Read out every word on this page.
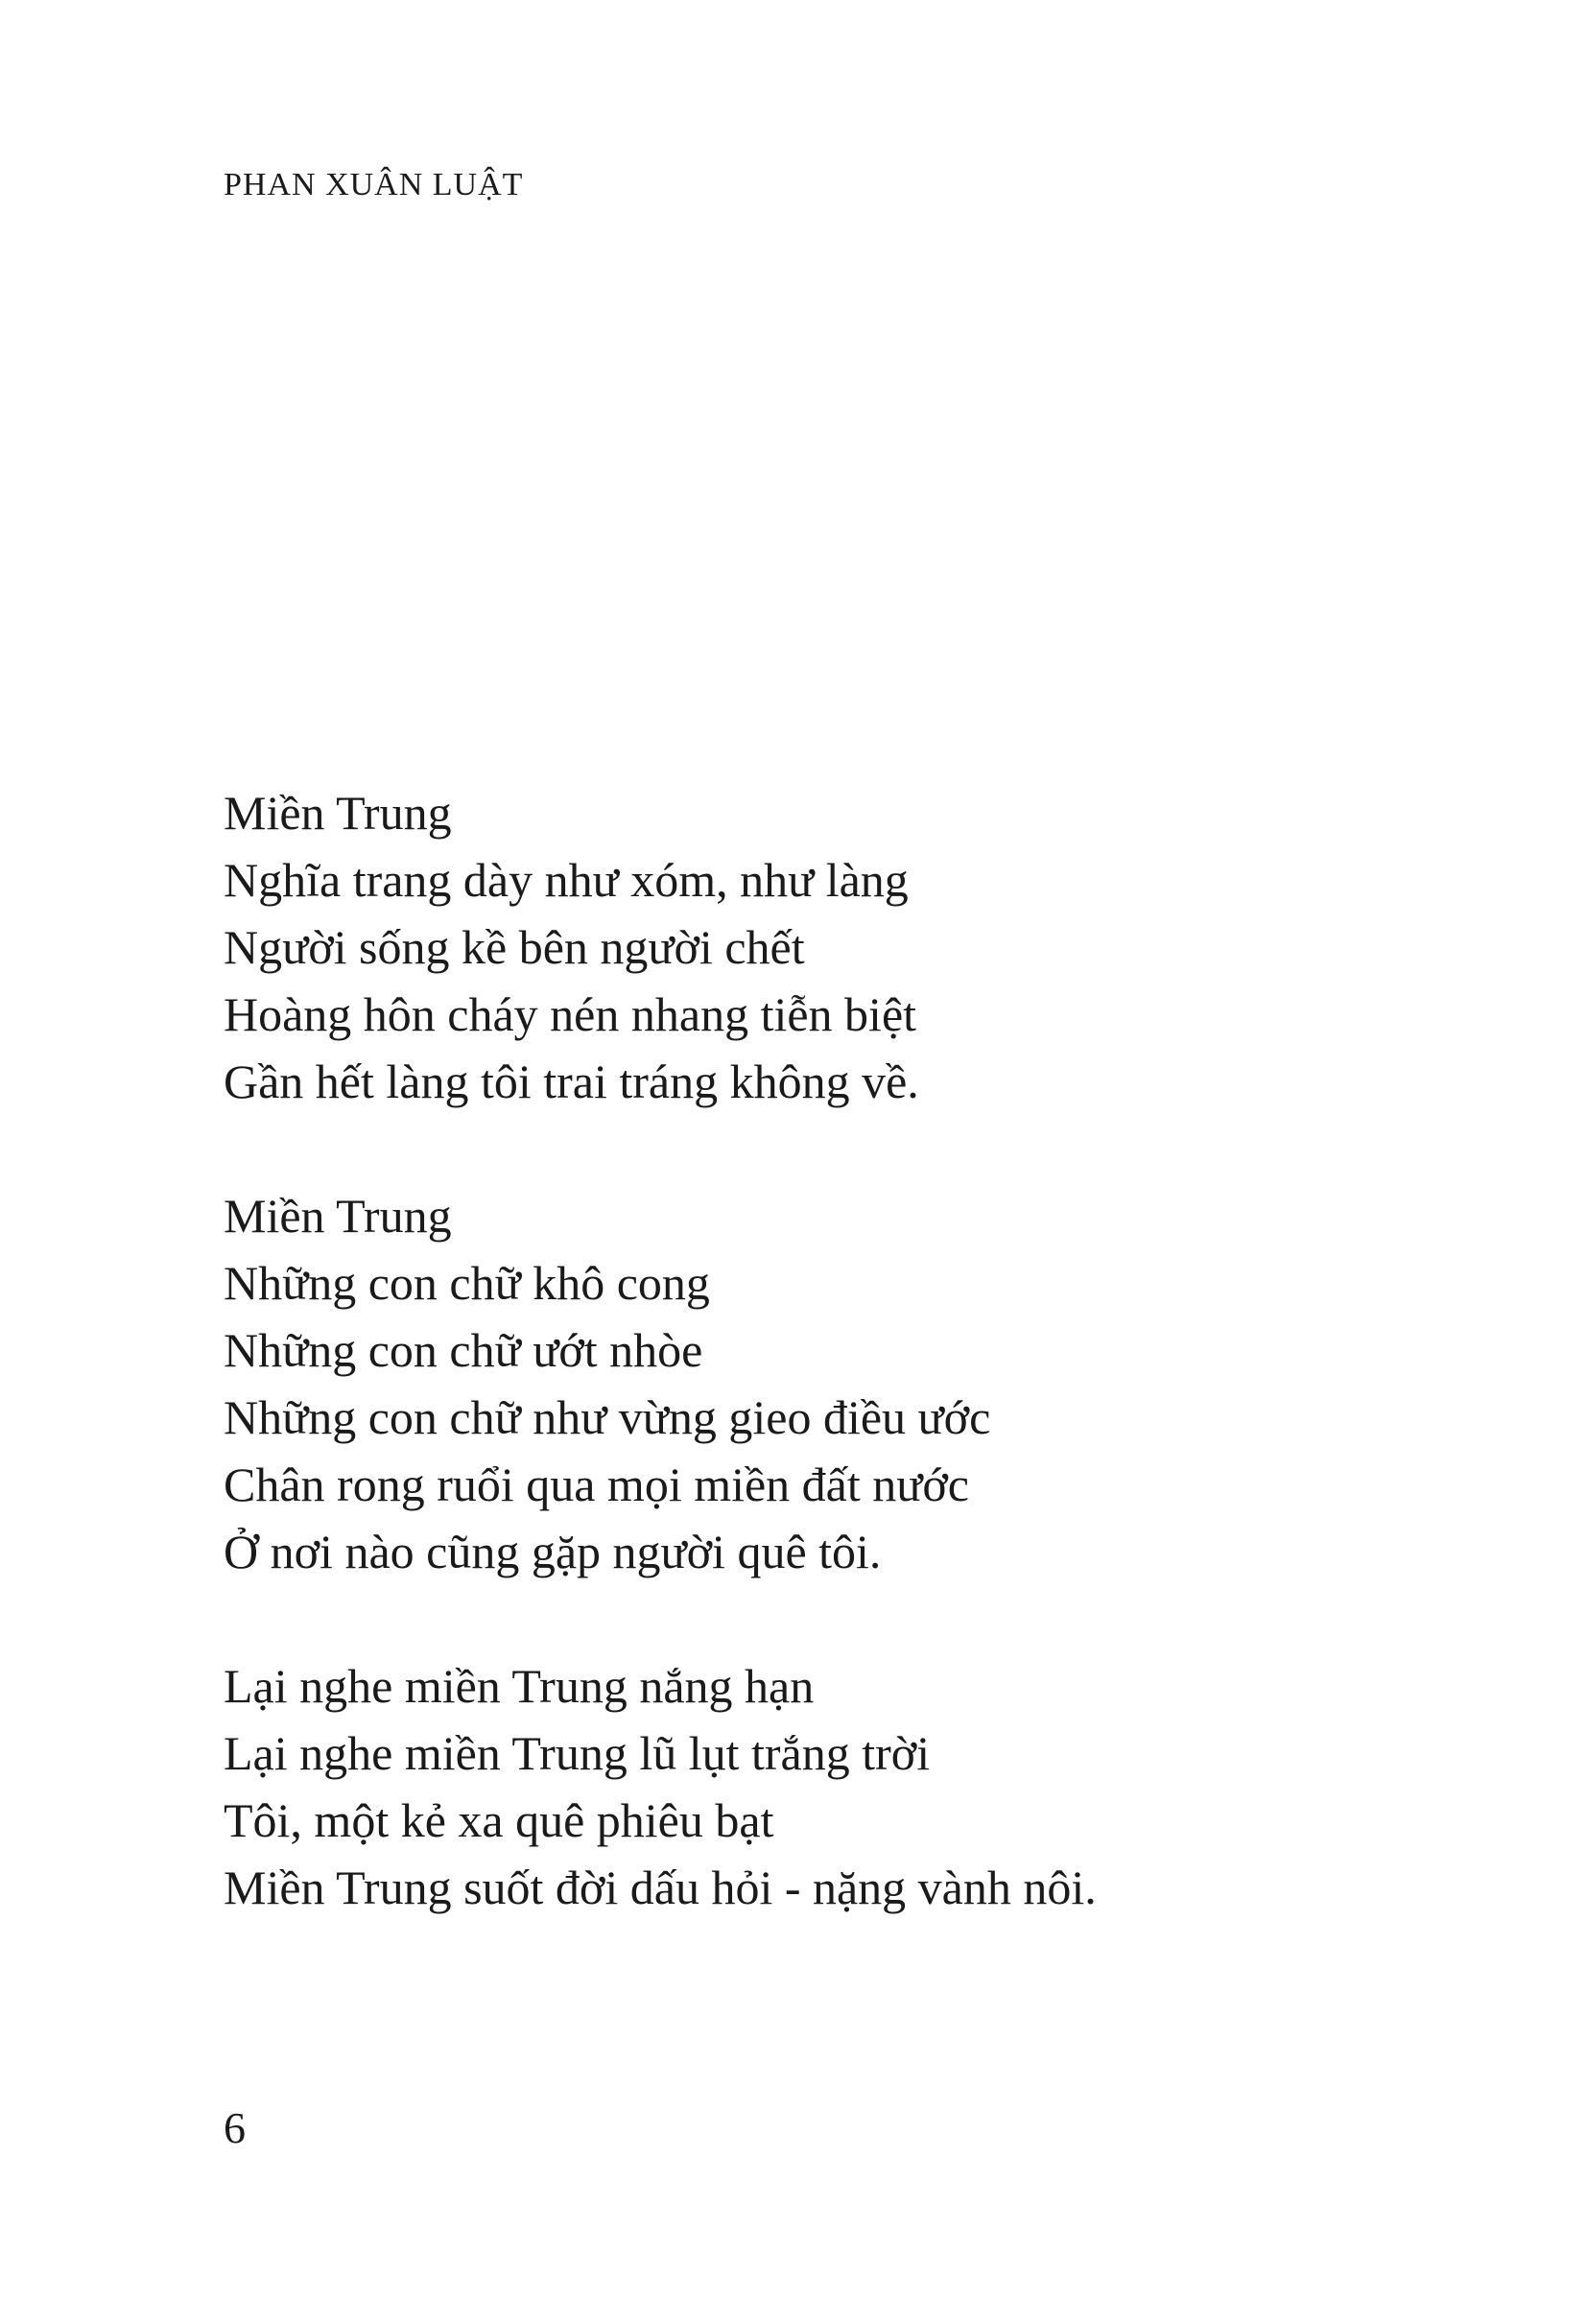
PHAN XUÂN LUẬT
Miền Trung
Nghĩa trang dày như xóm, như làng
Người sống kề bên người chết
Hoàng hôn cháy nén nhang tiễn biệt
Gần hết làng tôi trai tráng không về.
Miền Trung
Những con chữ khô cong
Những con chữ ướt nhòe
Những con chữ như vừng gieo điều ước
Chân rong ruổi qua mọi miền đất nước
Ở nơi nào cũng gặp người quê tôi.
Lại nghe miền Trung nắng hạn
Lại nghe miền Trung lũ lụt trắng trời
Tôi, một kẻ xa quê phiêu bạt
Miền Trung suốt đời dấu hỏi - nặng vành nôi.
6
